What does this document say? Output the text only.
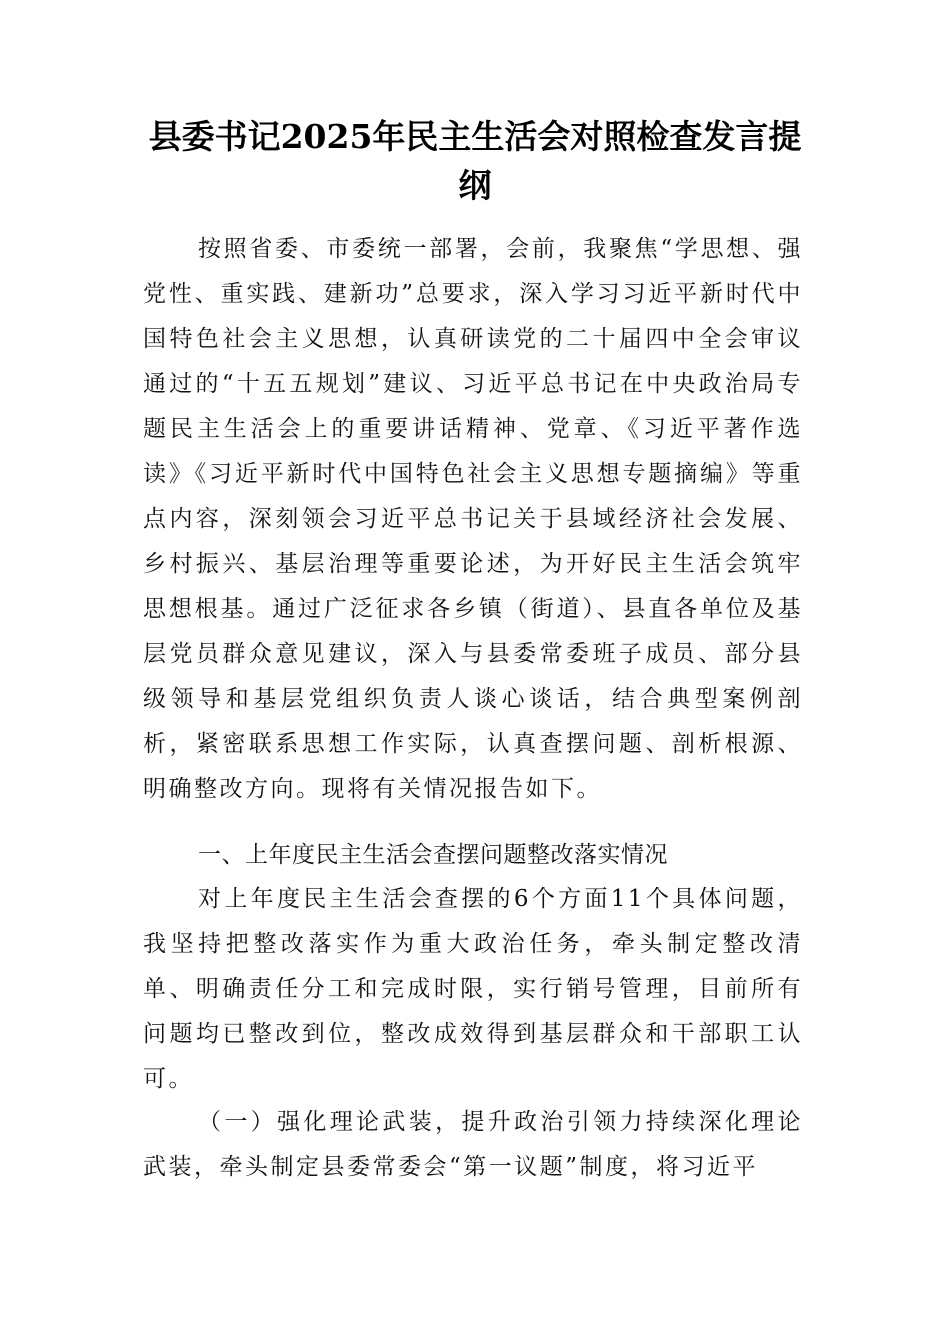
县委书记2025年民主生活会对照检查发言提纲

按照省委、市委统一部署，会前，我聚焦“学思想、强党性、重实践、建新功”总要求，深入学习习近平新时代中国特色社会主义思想，认真研读党的二十届四中全会审议通过的“十五五规划”建议、习近平总书记在中央政治局专题民主生活会上的重要讲话精神、党章、《习近平著作选读》《习近平新时代中国特色社会主义思想专题摘编》等重点内容，深刻领会习近平总书记关于县域经济社会发展、乡村振兴、基层治理等重要论述，为开好民主生活会筑牢思想根基。通过广泛征求各乡镇（街道）、县直各单位及基层党员群众意见建议，深入与县委常委班子成员、部分县级领导和基层党组织负责人谈心谈话，结合典型案例剖析，紧密联系思想工作实际，认真查摆问题、剖析根源、明确整改方向。现将有关情况报告如下。

一、上年度民主生活会查摆问题整改落实情况

对上年度民主生活会查摆的6个方面11个具体问题，我坚持把整改落实作为重大政治任务，牵头制定整改清单、明确责任分工和完成时限，实行销号管理，目前所有问题均已整改到位，整改成效得到基层群众和干部职工认可。

（一）强化理论武装，提升政治引领力持续深化理论武装，牵头制定县委常委会“第一议题”制度，将习近平
